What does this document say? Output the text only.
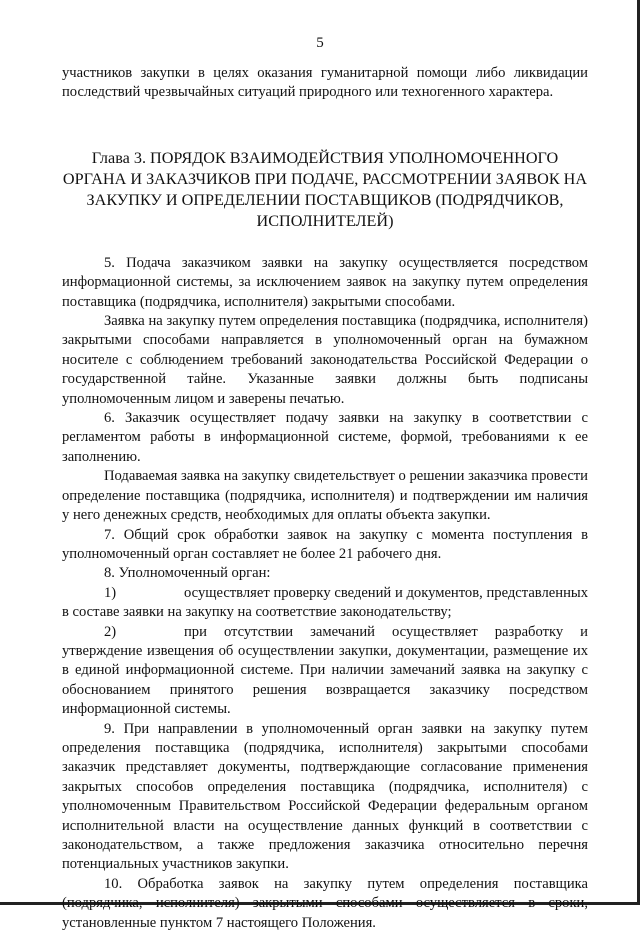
5

участников закупки в целях оказания гуманитарной помощи либо ликвидации последствий чрезвычайных ситуаций природного или техногенного характера.

Глава 3. ПОРЯДОК ВЗАИМОДЕЙСТВИЯ УПОЛНОМОЧЕННОГО ОРГАНА И ЗАКАЗЧИКОВ ПРИ ПОДАЧЕ, РАССМОТРЕНИИ ЗАЯВОК НА ЗАКУПКУ И ОПРЕДЕЛЕНИИ ПОСТАВЩИКОВ (ПОДРЯДЧИКОВ, ИСПОЛНИТЕЛЕЙ)

5. Подача заказчиком заявки на закупку осуществляется посредством информационной системы, за исключением заявок на закупку путем определения поставщика (подрядчика, исполнителя) закрытыми способами.

Заявка на закупку путем определения поставщика (подрядчика, исполнителя) закрытыми способами направляется в уполномоченный орган на бумажном носителе с соблюдением требований законодательства Российской Федерации о государственной тайне. Указанные заявки должны быть подписаны уполномоченным лицом и заверены печатью.

6. Заказчик осуществляет подачу заявки на закупку в соответствии с регламентом работы в информационной системе, формой, требованиями к ее заполнению.

Подаваемая заявка на закупку свидетельствует о решении заказчика провести определение поставщика (подрядчика, исполнителя) и подтверждении им наличия у него денежных средств, необходимых для оплаты объекта закупки.

7. Общий срок обработки заявок на закупку с момента поступления в уполномоченный орган составляет не более 21 рабочего дня.

8. Уполномоченный орган:

1)	осуществляет проверку сведений и документов, представленных в составе заявки на закупку на соответствие законодательству;

2)	при отсутствии замечаний осуществляет разработку и утверждение извещения об осуществлении закупки, документации, размещение их в единой информационной системе. При наличии замечаний заявка на закупку с обоснованием принятого решения возвращается заказчику посредством информационной системы.

9. При направлении в уполномоченный орган заявки на закупку путем определения поставщика (подрядчика, исполнителя) закрытыми способами заказчик представляет документы, подтверждающие согласование применения закрытых способов определения поставщика (подрядчика, исполнителя) с уполномоченным Правительством Российской Федерации федеральным органом исполнительной власти на осуществление данных функций в соответствии с законодательством, а также предложения заказчика относительно перечня потенциальных участников закупки.

10. Обработка заявок на закупку путем определения поставщика (подрядчика, исполнителя) закрытыми способами осуществляется в сроки, установленные пунктом 7 настоящего Положения.
